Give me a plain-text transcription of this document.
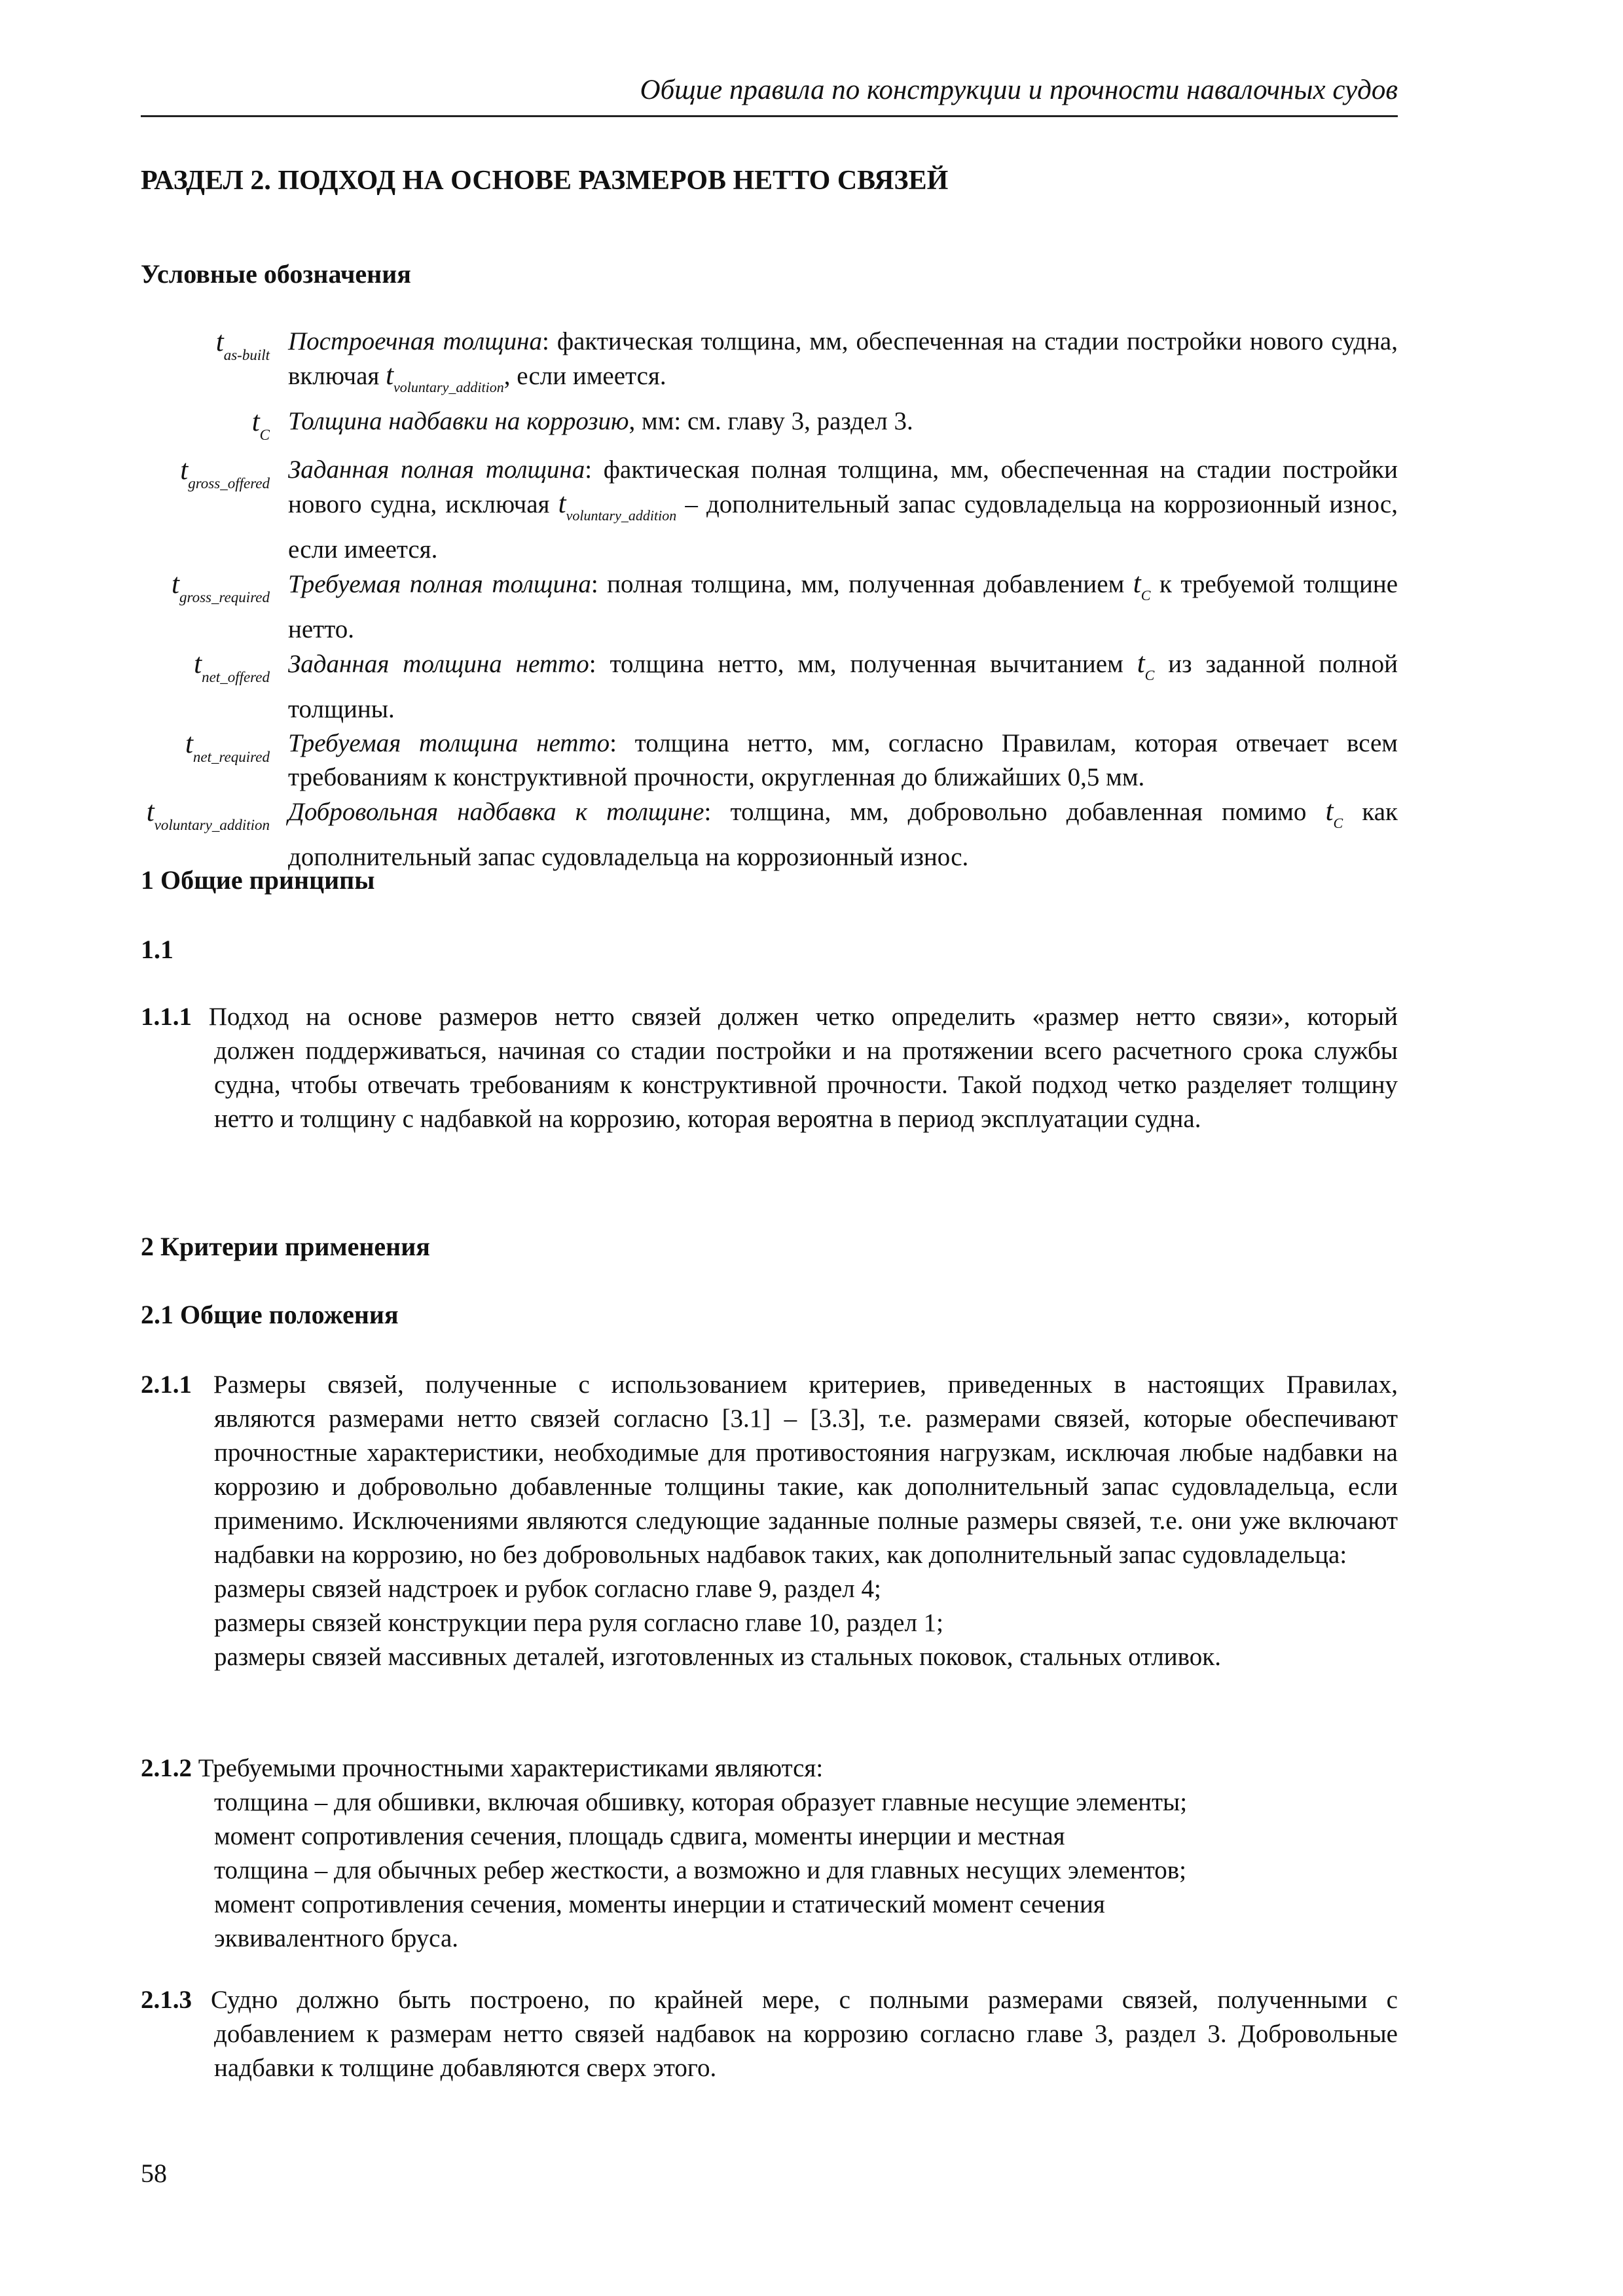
Общие правила по конструкции и прочности навалочных судов
РАЗДЕЛ 2. ПОДХОД НА ОСНОВЕ РАЗМЕРОВ НЕТТО СВЯЗЕЙ
Условные обозначения
$t_{as-built}$ Построечная толщина: фактическая толщина, мм, обеспеченная на стадии постройки нового судна, включая $t_{voluntary\_addition}$, если имеется.
$t_C$ Толщина надбавки на коррозию, мм: см. главу 3, раздел 3.
$t_{gross\_offered}$ Заданная полная толщина: фактическая полная толщина, мм, обеспеченная на стадии постройки нового судна, исключая $t_{voluntary\_addition}$ – дополнительный запас судовладельца на коррозионный износ, если имеется.
$t_{gross\_required}$ Требуемая полная толщина: полная толщина, мм, полученная добавлением $t_C$ к требуемой толщине нетто.
$t_{net\_offered}$ Заданная толщина нетто: толщина нетто, мм, полученная вычитанием $t_C$ из заданной полной толщины.
$t_{net\_required}$ Требуемая толщина нетто: толщина нетто, мм, согласно Правилам, которая отвечает всем требованиям к конструктивной прочности, округленная до ближайших 0,5 мм.
$t_{voluntary\_addition}$ Добровольная надбавка к толщине: толщина, мм, добровольно добавленная помимо $t_C$ как дополнительный запас судовладельца на коррозионный износ.
1 Общие принципы
1.1
1.1.1 Подход на основе размеров нетто связей должен четко определить «размер нетто связи», который
должен поддерживаться, начиная со стадии постройки и на протяжении всего расчетного срока службы судна, чтобы отвечать требованиям к конструктивной прочности. Такой подход четко разделяет толщину нетто и толщину с надбавкой на коррозию, которая вероятна в период эксплуатации судна.
2 Критерии применения
2.1 Общие положения
2.1.1 Размеры связей, полученные с использованием критериев, приведенных в настоящих Правилах,
являются размерами нетто связей согласно [3.1] – [3.3], т.е. размерами связей, которые обеспечивают прочностные характеристики, необходимые для противостояния нагрузкам, исключая любые надбавки на коррозию и добровольно добавленные толщины такие, как дополнительный запас судовладельца, если применимо. Исключениями являются следующие заданные полные размеры связей, т.е. они уже включают надбавки на коррозию, но без добровольных надбавок таких, как дополнительный запас судовладельца:
размеры связей надстроек и рубок согласно главе 9, раздел 4;
размеры связей конструкции пера руля согласно главе 10, раздел 1;
размеры связей массивных деталей, изготовленных из стальных поковок, стальных отливок.
2.1.2 Требуемыми прочностными характеристиками являются:
толщина – для обшивки, включая обшивку, которая образует главные несущие элементы;
момент сопротивления сечения, площадь сдвига, моменты инерции и местная
толщина – для обычных ребер жесткости, а возможно и для главных несущих элементов;
момент сопротивления сечения, моменты инерции и статический момент сечения
эквивалентного бруса.
2.1.3 Судно должно быть построено, по крайней мере, с полными размерами связей, полученными с
добавлением к размерам нетто связей надбавок на коррозию согласно главе 3, раздел 3. Добровольные надбавки к толщине добавляются сверх этого.
58
